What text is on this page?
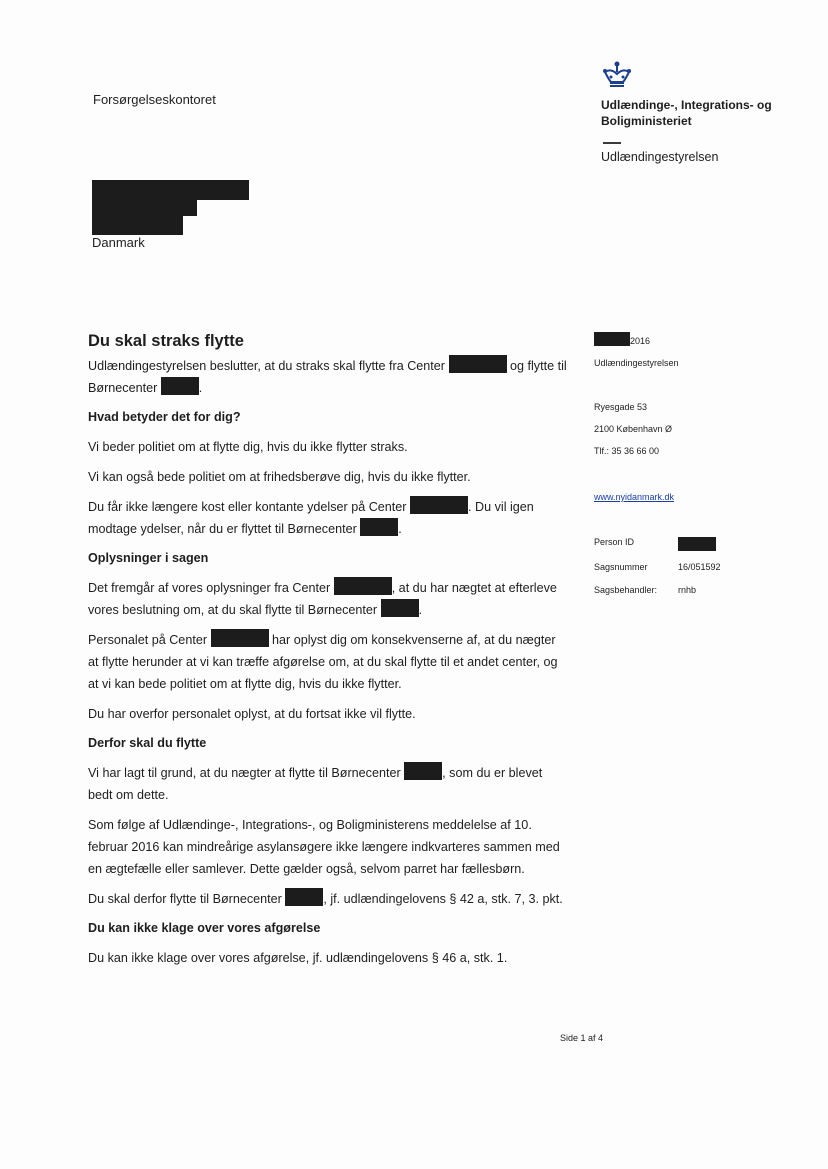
Forsørgelseskontoret	Udlændinge-, Integrations- og Boligministeriet
Udlændingestyrelsen
Danmark
Du skal straks flytte

Udlændingestyrelsen beslutter, at du straks skal flytte fra Center	og flytte til Børnecenter	.

Hvad betyder det for dig?

Vi beder politiet om at flytte dig, hvis du ikke flytter straks.

Vi kan også bede politiet om at frihedsberøve dig, hvis du ikke flytter.

Du får ikke længere kost eller kontante ydelser på Center	. Du vil igen modtage ydelser, når du er flyttet til Børnecenter	.

Oplysninger i sagen

Det fremgår af vores oplysninger fra Center	, at du har nægtet at efterleve vores beslutning om, at du skal flytte til Børnecenter	.

Personalet på Center	har oplyst dig om konsekvenserne af, at du nægter at flytte herunder at vi kan træffe afgørelse om, at du skal flytte til et andet center, og at vi kan bede politiet om at flytte dig, hvis du ikke flytter.

Du har overfor personalet oplyst, at du fortsat ikke vil flytte.

Derfor skal du flytte

Vi har lagt til grund, at du nægter at flytte til Børnecenter	, som du er blevet bedt om dette.

Som følge af Udlændinge-, Integrations-, og Boligministerens meddelelse af 10. februar 2016 kan mindreårige asylansøgere ikke længere indkvarteres sammen med en ægtefælle eller samlever. Dette gælder også, selvom parret har fællesbørn.

Du skal derfor flytte til Børnecenter	, jf. udlændingelovens § 42 a, stk. 7, 3. pkt.

Du kan ikke klage over vores afgørelse

Du kan ikke klage over vores afgørelse, jf. udlændingelovens § 46 a, stk. 1.

2016
Udlændingestyrelsen
Ryesgade 53
2100 København Ø
Tlf.: 35 36 66 00
www.nyidanmark.dk
Person ID
Sagsnummer	16/051592
Sagsbehandler:	rnhb
Side 1 af 4
